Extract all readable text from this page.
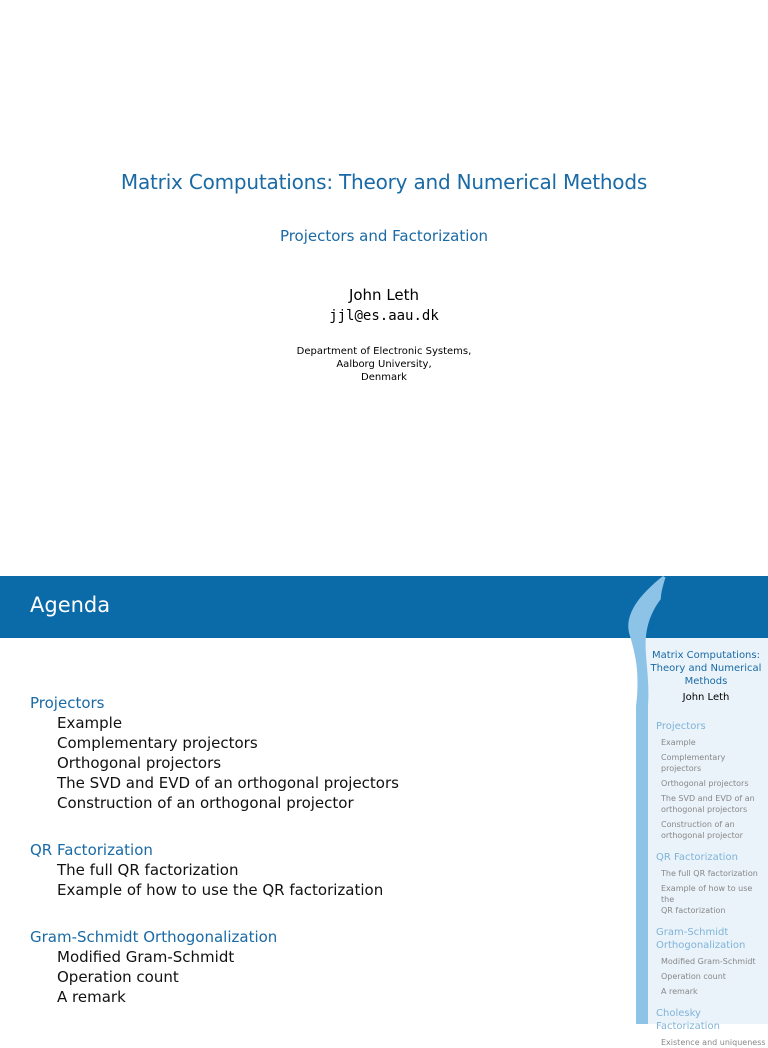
Matrix Computations: Theory and Numerical Methods
Projectors and Factorization
John Leth
jjl@es.aau.dk
Department of Electronic Systems,
Aalborg University,
Denmark
Agenda
Projectors
Example
Complementary projectors
Orthogonal projectors
The SVD and EVD of an orthogonal projectors
Construction of an orthogonal projector
QR Factorization
The full QR factorization
Example of how to use the QR factorization
Gram-Schmidt Orthogonalization
Modified Gram-Schmidt
Operation count
A remark
Matrix Computations:
Theory and Numerical
Methods
John Leth
Projectors
Example
Complementary projectors
Orthogonal projectors
The SVD and EVD of an
orthogonal projectors
Construction of an
orthogonal projector
QR Factorization
The full QR factorization
Example of how to use the
QR factorization
Gram-Schmidt Orthogonalization
Modified Gram-Schmidt
Operation count
A remark
Cholesky Factorization
Existence and uniqueness
